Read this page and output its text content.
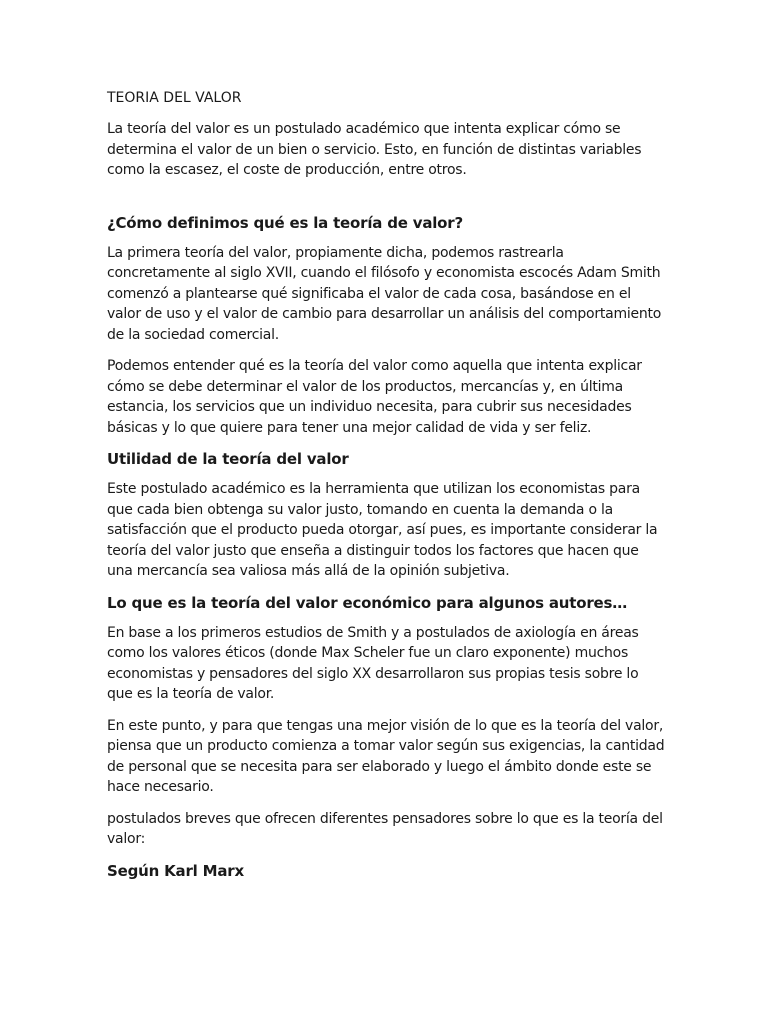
TEORIA DEL VALOR

La teoría del valor es un postulado académico que intenta explicar cómo se determina el valor de un bien o servicio. Esto, en función de distintas variables como la escasez, el coste de producción, entre otros.

¿Cómo definimos qué es la teoría de valor?

La primera teoría del valor, propiamente dicha, podemos rastrearla concretamente al siglo XVII, cuando el filósofo y economista escocés Adam Smith comenzó a plantearse qué significaba el valor de cada cosa, basándose en el valor de uso y el valor de cambio para desarrollar un análisis del comportamiento de la sociedad comercial.

Podemos entender qué es la teoría del valor como aquella que intenta explicar cómo se debe determinar el valor de los productos, mercancías y, en última estancia, los servicios que un individuo necesita, para cubrir sus necesidades básicas y lo que quiere para tener una mejor calidad de vida y ser feliz.

Utilidad de la teoría del valor

Este postulado académico es la herramienta que utilizan los economistas para que cada bien obtenga su valor justo, tomando en cuenta la demanda o la satisfacción que el producto pueda otorgar, así pues, es importante considerar la teoría del valor justo que enseña a distinguir todos los factores que hacen que una mercancía sea valiosa más allá de la opinión subjetiva.

Lo que es la teoría del valor económico para algunos autores…

En base a los primeros estudios de Smith y a postulados de axiología en áreas como los valores éticos (donde Max Scheler fue un claro exponente) muchos economistas y pensadores del siglo XX desarrollaron sus propias tesis sobre lo que es la teoría de valor.

En este punto, y para que tengas una mejor visión de lo que es la teoría del valor, piensa que un producto comienza a tomar valor según sus exigencias, la cantidad de personal que se necesita para ser elaborado y luego el ámbito donde este se hace necesario.

postulados breves que ofrecen diferentes pensadores sobre lo que es la teoría del valor:

Según Karl Marx
